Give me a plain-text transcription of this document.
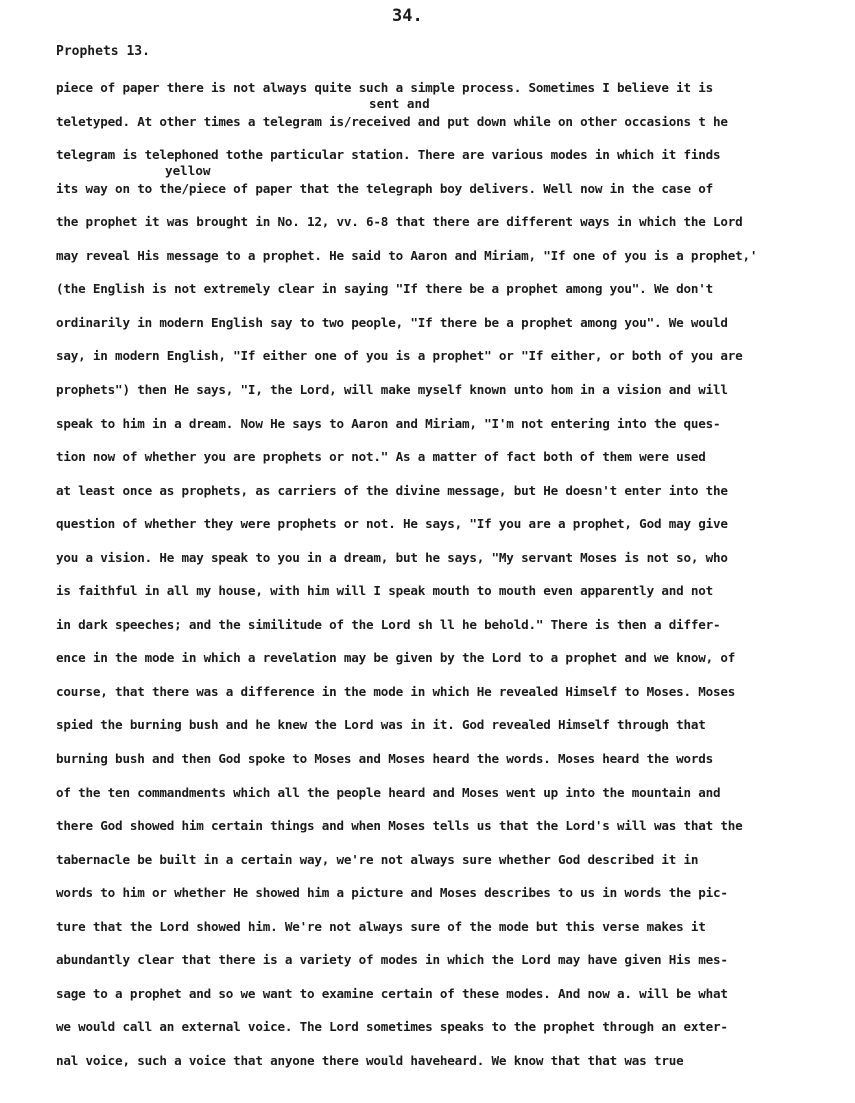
34.
Prophets 13.
sent and
yellow
piece of paper there is not always quite such a simple process. Sometimes I believe it is
teletyped. At other times a telegram is/received and put down while on other occasions t he
telegram is telephoned tothe particular station. There are various modes in which it finds
its way on to the/piece of paper that the telegraph boy delivers. Well now in the case of
the prophet it was brought in No. 12, vv. 6-8 that there are different ways in which the Lord
may reveal His message to a prophet. He said to Aaron and Miriam, "If one of you is a prophet,'
(the English is not extremely clear in saying "If there be a prophet among you". We don't
ordinarily in modern English say to two people, "If there be a prophet among you". We would
say, in modern English, "If either one of you is a prophet" or "If either, or both of you are
prophets") then He says, "I, the Lord, will make myself known unto hom in a vision and will
speak to him in a dream. Now He says to Aaron and Miriam, "I'm not entering into the ques-
tion now of whether you are prophets or not." As a matter of fact both of them were used
at least once as prophets, as carriers of the divine message, but He doesn't enter into the
question of whether they were prophets or not. He says, "If you are a prophet, God may give
you a vision. He may speak to you in a dream, but he says, "My servant Moses is not so, who
is faithful in all my house, with him will I speak mouth to mouth even apparently and not
in dark speeches; and the similitude of the Lord sh ll he behold." There is then a differ-
ence in the mode in which a revelation may be given by the Lord to a prophet and we know, of
course, that there was a difference in the mode in which He revealed Himself to Moses. Moses
spied the burning bush and he knew the Lord was in it. God revealed Himself through that
burning bush and then God spoke to Moses and Moses heard the words. Moses heard the words
of the ten commandments which all the people heard and Moses went up into the mountain and
there God showed him certain things and when Moses tells us that the Lord's will was that the
tabernacle be built in a certain way, we're not always sure whether God described it in
words to him or whether He showed him a picture and Moses describes to us in words the pic-
ture that the Lord showed him. We're not always sure of the mode but this verse makes it
abundantly clear that there is a variety of modes in which the Lord may have given His mes-
sage to a prophet and so we want to examine certain of these modes. And now a. will be what
we would call an external voice. The Lord sometimes speaks to the prophet through an exter-
nal voice, such a voice that anyone there would haveheard. We know that that was true
